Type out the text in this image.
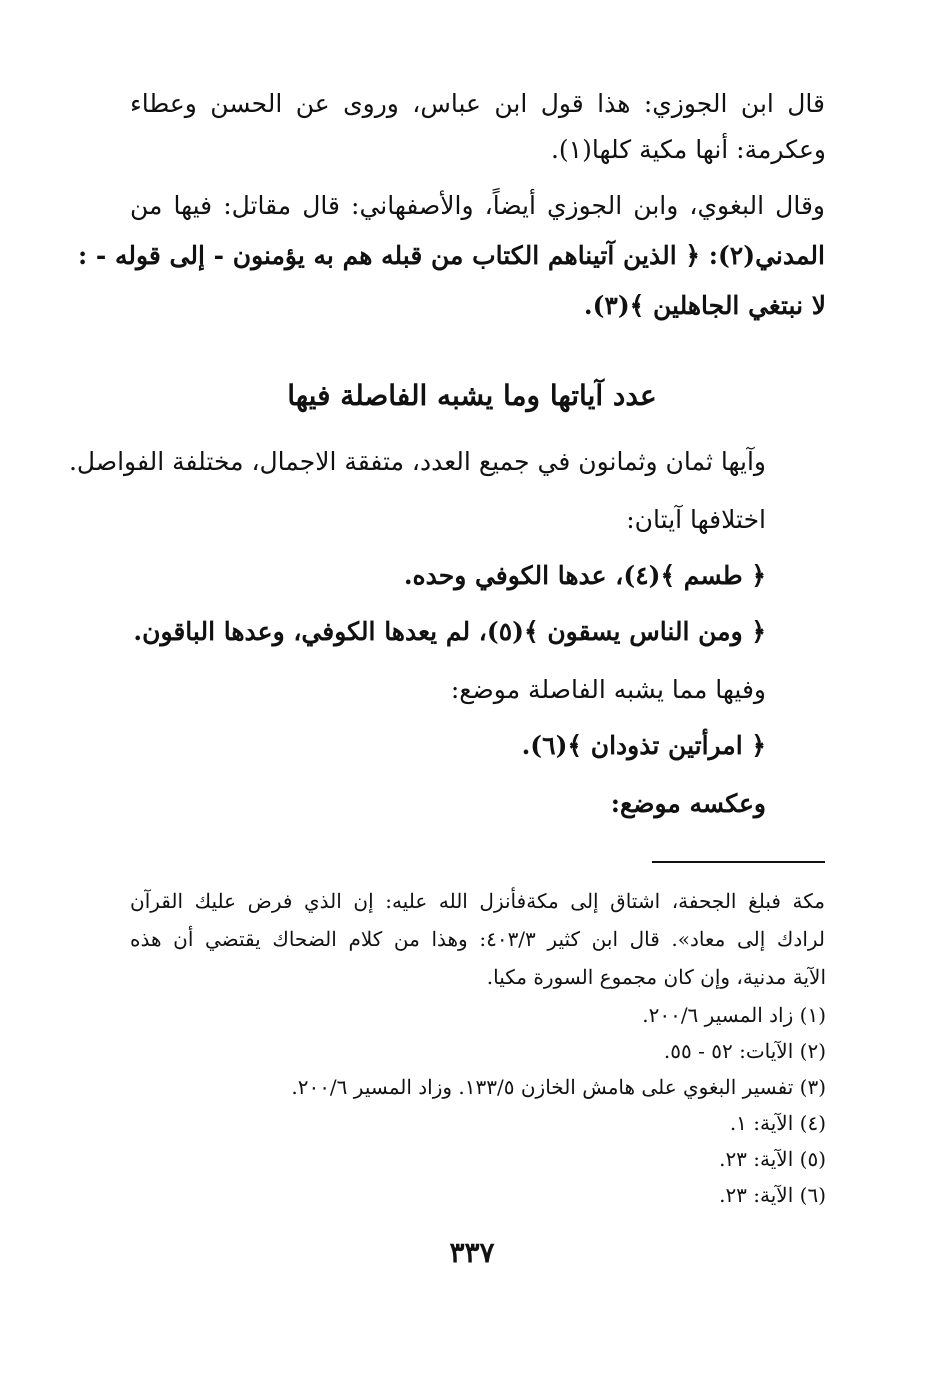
قال ابن الجوزي: هذا قول ابن عباس، وروى عن الحسن وعطاء
وعكرمة: أنها مكية كلها(١).
وقال البغوي، وابن الجوزي أيضاً، والأصفهاني: قال مقاتل: فيها من
المدني(٢): ﴿ الذين آتيناهم الكتاب من قبله هم به يؤمنون - إلى قوله - :
لا نبتغي الجاهلين ﴾(٣).
عدد آياتها وما يشبه الفاصلة فيها
وآيها ثمان وثمانون في جميع العدد، متفقة الاجمال، مختلفة الفواصل.
اختلافها آيتان:
﴿ طسم ﴾(٤)، عدها الكوفي وحده.
﴿ ومن الناس يسقون ﴾(٥)، لم يعدها الكوفي، وعدها الباقون.
وفيها مما يشبه الفاصلة موضع:
﴿ امرأتين تذودان ﴾(٦).
وعكسه موضع:
مكة فبلغ الجحفة، اشتاق إلى مكةفأنزل الله عليه: إن الذي فرض عليك القرآن
لرادك إلى معاد». قال ابن كثير ٤٠٣/٣: وهذا من كلام الضحاك يقتضي أن هذه
الآية مدنية، وإن كان مجموع السورة مكيا.
(١) زاد المسير ٢٠٠/٦.
(٢) الآيات: ٥٢ - ٥٥.
(٣) تفسير البغوي على هامش الخازن ١٣٣/٥. وزاد المسير ٢٠٠/٦.
(٤) الآية: ١.
(٥) الآية: ٢٣.
(٦) الآية: ٢٣.
٣٣٧
